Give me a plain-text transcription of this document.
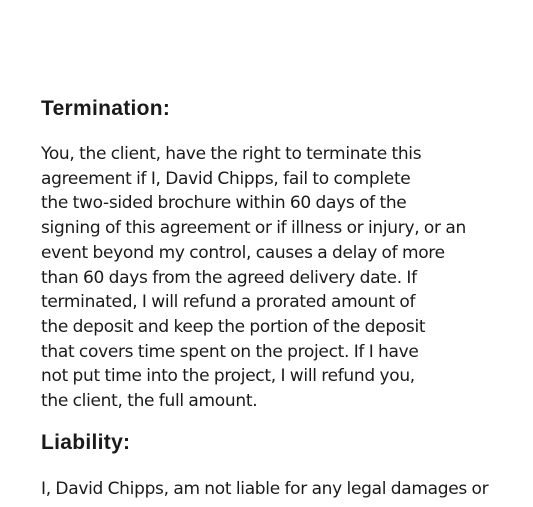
Termination:
You, the client, have the right to terminate this
agreement if I, David Chipps, fail to complete
the two-sided brochure within 60 days of the
signing of this agreement or if illness or injury, or an
event beyond my control, causes a delay of more
than 60 days from the agreed delivery date. If
terminated, I will refund a prorated amount of
the deposit and keep the portion of the deposit
that covers time spent on the project. If I have
not put time into the project, I will refund you,
the client, the full amount.
Liability:
I, David Chipps, am not liable for any legal damages or
